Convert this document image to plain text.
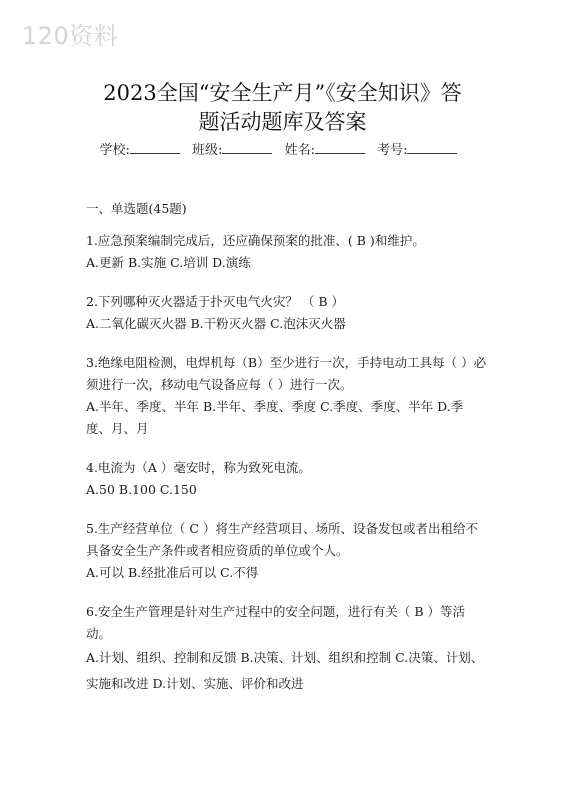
120资料
2023全国“安全生产月”《安全知识》答
题活动题库及答案
学校:	班级:	姓名:	考号:
一、单选题(45题)
1.应急预案编制完成后，还应确保预案的批准、( B )和维护。
A.更新 B.实施 C.培训 D.演练
2.下列哪种灭火器适于扑灭电气火灾？ （ B ）
A.二氧化碳灭火器 B.干粉灭火器 C.泡沫灭火器
3.绝缘电阻检测，电焊机每（B）至少进行一次，手持电动工具每（ ）必须进行一次，移动电气设备应每（ ）进行一次。
A.半年、季度、半年 B.半年、季度、季度 C.季度、季度、半年 D.季度、月、月
4.电流为（A ）毫安时，称为致死电流。
A.50 B.100 C.150
5.生产经营单位（ C ）将生产经营项目、场所、设备发包或者出租给不具备安全生产条件或者相应资质的单位或个人。
A.可以 B.经批准后可以 C.不得
6.安全生产管理是针对生产过程中的安全问题，进行有关（ B ）等活动。
A.计划、组织、控制和反馈 B.决策、计划、组织和控制 C.决策、计划、实施和改进 D.计划、实施、评价和改进
